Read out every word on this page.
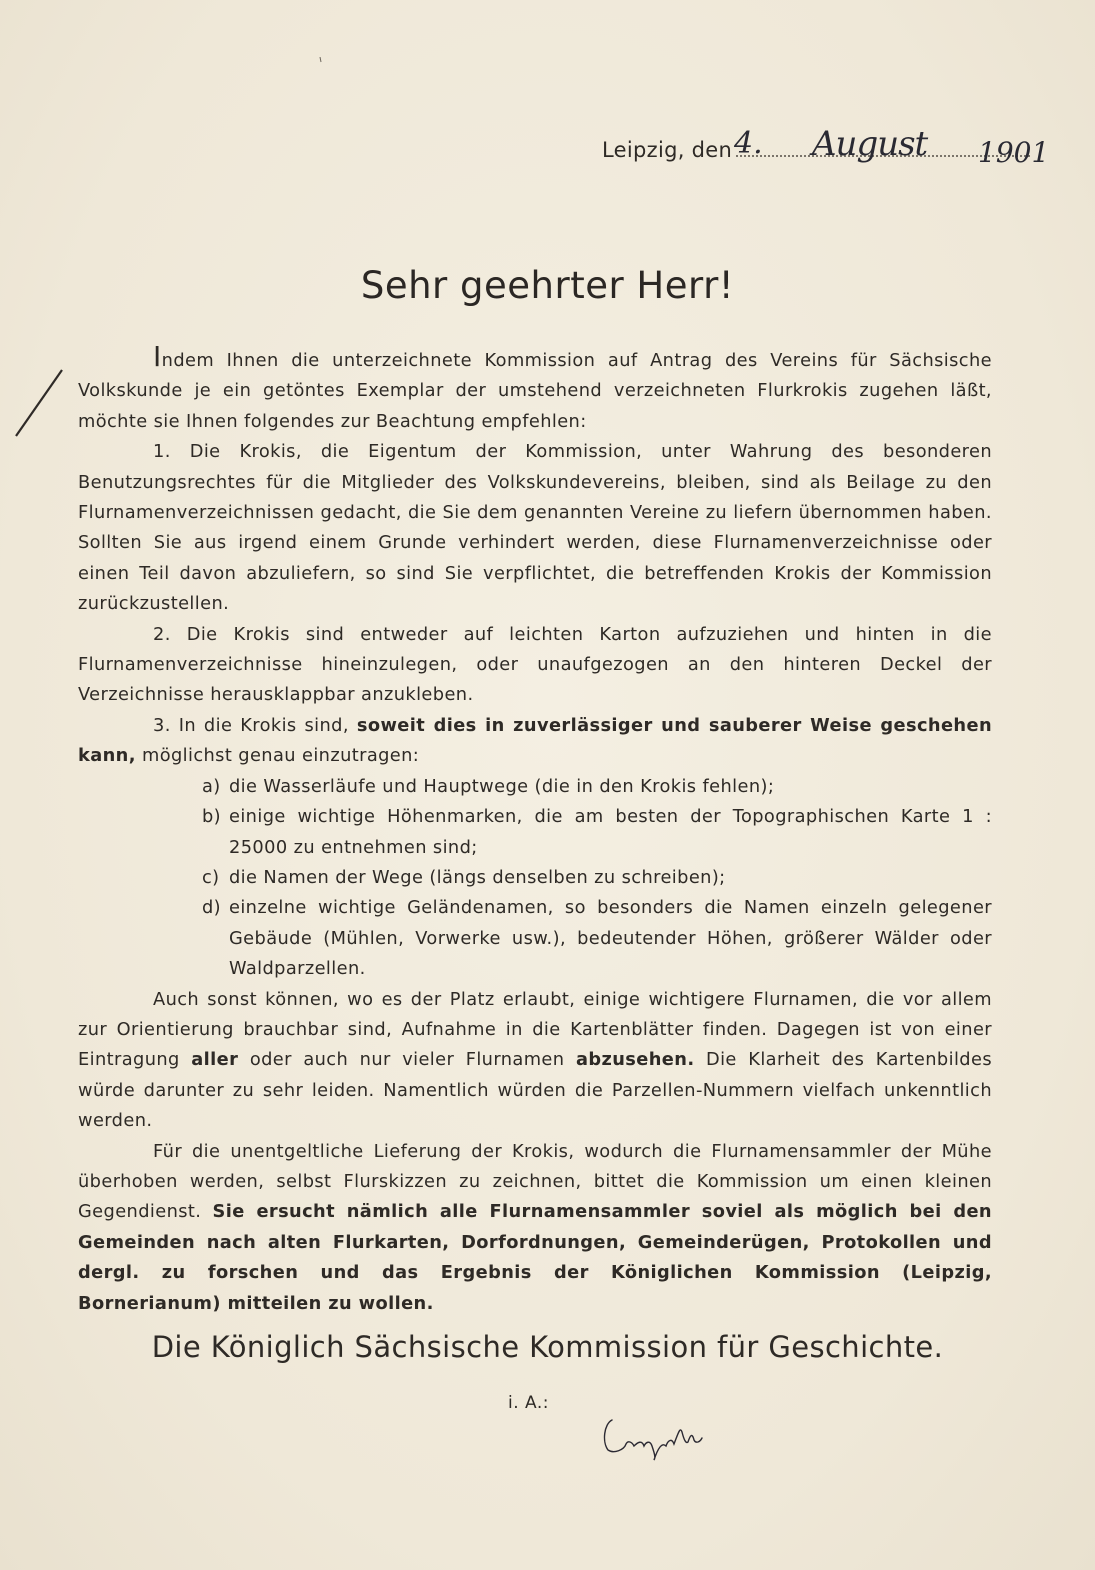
Leipzig, den 4. August 1901
Sehr geehrter Herr!

Indem Ihnen die unterzeichnete Kommission auf Antrag des Vereins für Sächsische Volkskunde je ein getöntes Exemplar der umstehend verzeichneten Flurkrokis zugehen läßt, möchte sie Ihnen folgendes zur Beachtung empfehlen:

1. Die Krokis, die Eigentum der Kommission, unter Wahrung des besonderen Benutzungsrechtes für die Mitglieder des Volkskundevereins, bleiben, sind als Beilage zu den Flurnamenverzeichnissen gedacht, die Sie dem genannten Vereine zu liefern übernommen haben. Sollten Sie aus irgend einem Grunde verhindert werden, diese Flurnamenverzeichnisse oder einen Teil davon abzuliefern, so sind Sie verpflichtet, die betreffenden Krokis der Kommission zurückzustellen.

2. Die Krokis sind entweder auf leichten Karton aufzuziehen und hinten in die Flurnamenverzeichnisse hineinzulegen, oder unaufgezogen an den hinteren Deckel der Verzeichnisse herausklappbar anzukleben.

3. In die Krokis sind, soweit dies in zuverlässiger und sauberer Weise geschehen kann, möglichst genau einzutragen:

a) die Wasserläufe und Hauptwege (die in den Krokis fehlen);
b) einige wichtige Höhenmarken, die am besten der Topographischen Karte 1 : 25000 zu entnehmen sind;
c) die Namen der Wege (längs denselben zu schreiben);
d) einzelne wichtige Geländenamen, so besonders die Namen einzeln gelegener Gebäude (Mühlen, Vorwerke usw.), bedeutender Höhen, größerer Wälder oder Waldparzellen.

Auch sonst können, wo es der Platz erlaubt, einige wichtigere Flurnamen, die vor allem zur Orientierung brauchbar sind, Aufnahme in die Kartenblätter finden. Dagegen ist von einer Eintragung aller oder auch nur vieler Flurnamen abzusehen. Die Klarheit des Kartenbildes würde darunter zu sehr leiden. Namentlich würden die Parzellen-Nummern vielfach unkenntlich werden.

Für die unentgeltliche Lieferung der Krokis, wodurch die Flurnamensammler der Mühe überhoben werden, selbst Flurskizzen zu zeichnen, bittet die Kommission um einen kleinen Gegendienst. Sie ersucht nämlich alle Flurnamensammler soviel als möglich bei den Gemeinden nach alten Flurkarten, Dorfordnungen, Gemeinderügen, Protokollen und dergl. zu forschen und das Ergebnis der Königlichen Kommission (Leipzig, Bornerianum) mitteilen zu wollen.

Die Königlich Sächsische Kommission für Geschichte.
i. A.:
